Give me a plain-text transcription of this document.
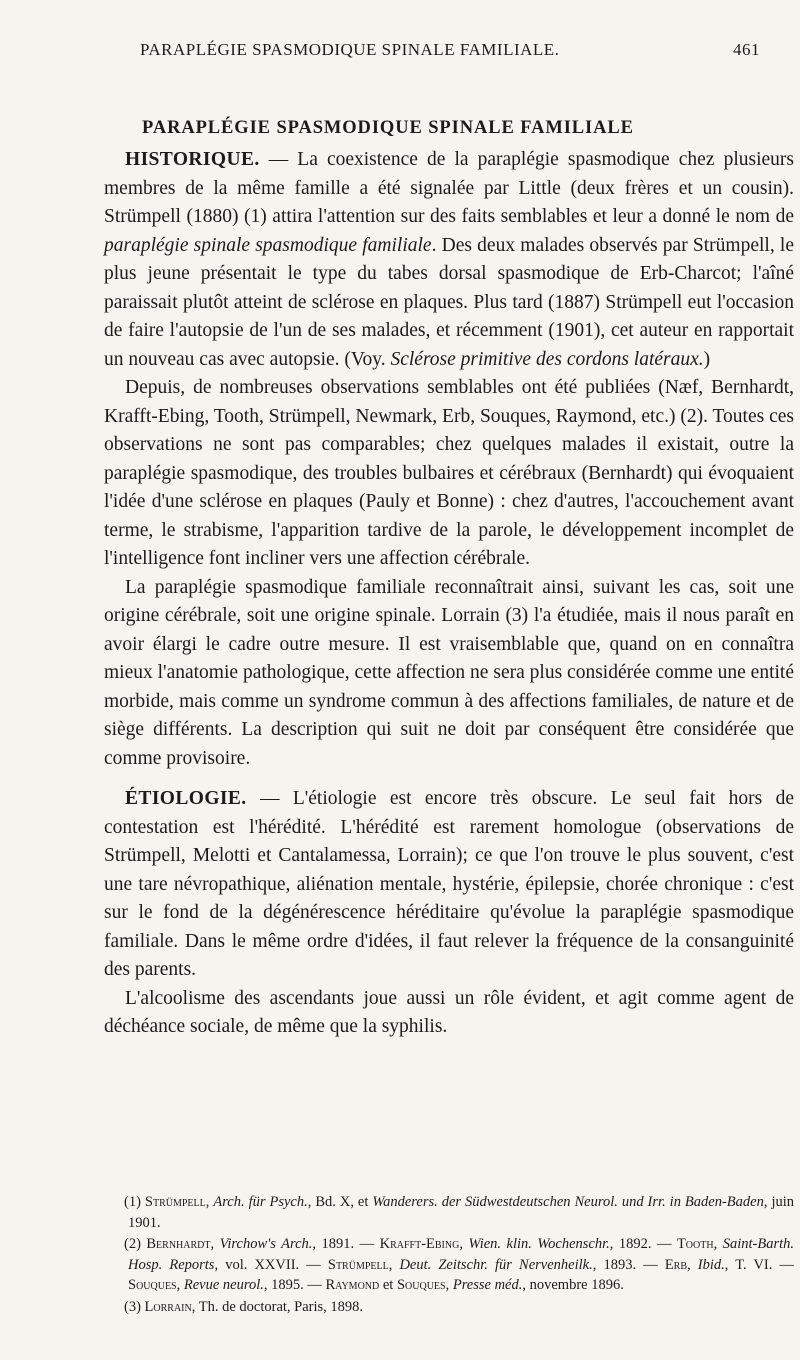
PARAPLÉGIE SPASMODIQUE SPINALE FAMILIALE.	461
PARAPLÉGIE SPASMODIQUE SPINALE FAMILIALE

HISTORIQUE. — La coexistence de la paraplégie spasmodique chez plusieurs membres de la même famille a été signalée par Little (deux frères et un cousin). Strümpell (1880) (1) attira l'attention sur des faits semblables et leur a donné le nom de paraplégie spinale spasmodique familiale. Des deux malades observés par Strümpell, le plus jeune présentait le type du tabes dorsal spasmodique de Erb-Charcot; l'aîné paraissait plutôt atteint de sclérose en plaques. Plus tard (1887) Strümpell eut l'occasion de faire l'autopsie de l'un de ses malades, et récemment (1901), cet auteur en rapportait un nouveau cas avec autopsie. (Voy. Sclérose primitive des cordons latéraux.)

Depuis, de nombreuses observations semblables ont été publiées (Næf, Bernhardt, Krafft-Ebing, Tooth, Strümpell, Newmark, Erb, Souques, Raymond, etc.) (2). Toutes ces observations ne sont pas comparables; chez quelques malades il existait, outre la paraplégie spasmodique, des troubles bulbaires et cérébraux (Bernhardt) qui évoquaient l'idée d'une sclérose en plaques (Pauly et Bonne) : chez d'autres, l'accouchement avant terme, le strabisme, l'apparition tardive de la parole, le développement incomplet de l'intelligence font incliner vers une affection cérébrale.

La paraplégie spasmodique familiale reconnaîtrait ainsi, suivant les cas, soit une origine cérébrale, soit une origine spinale. Lorrain (3) l'a étudiée, mais il nous paraît en avoir élargi le cadre outre mesure. Il est vraisemblable que, quand on en connaîtra mieux l'anatomie pathologique, cette affection ne sera plus considérée comme une entité morbide, mais comme un syndrome commun à des affections familiales, de nature et de siège différents. La description qui suit ne doit par conséquent être considérée que comme provisoire.

ÉTIOLOGIE. — L'étiologie est encore très obscure. Le seul fait hors de contestation est l'hérédité. L'hérédité est rarement homologue (observations de Strümpell, Melotti et Cantalamessa, Lorrain); ce que l'on trouve le plus souvent, c'est une tare névropathique, aliénation mentale, hystérie, épilepsie, chorée chronique : c'est sur le fond de la dégénérescence héréditaire qu'évolue la paraplégie spasmodique familiale. Dans le même ordre d'idées, il faut relever la fréquence de la consanguinité des parents.

L'alcoolisme des ascendants joue aussi un rôle évident, et agit comme agent de déchéance sociale, de même que la syphilis.

(1) Strümpell, Arch. für Psych., Bd. X, et Wanderers. der Südwestdeutschen Neurol. und Irr. in Baden-Baden, juin 1901.

(2) Bernhardt, Virchow's Arch., 1891. — Krafft-Ebing, Wien. klin. Wochenschr., 1892. — Tooth, Saint-Barth. Hosp. Reports, vol. XXVII. — Strümpell, Deut. Zeitschr. für Nervenheilk., 1893. — Erb, Ibid., T. VI. — Souques, Revue neurol., 1895. — Raymond et Souques, Presse méd., novembre 1896.

(3) Lorrain, Th. de doctorat, Paris, 1898.
